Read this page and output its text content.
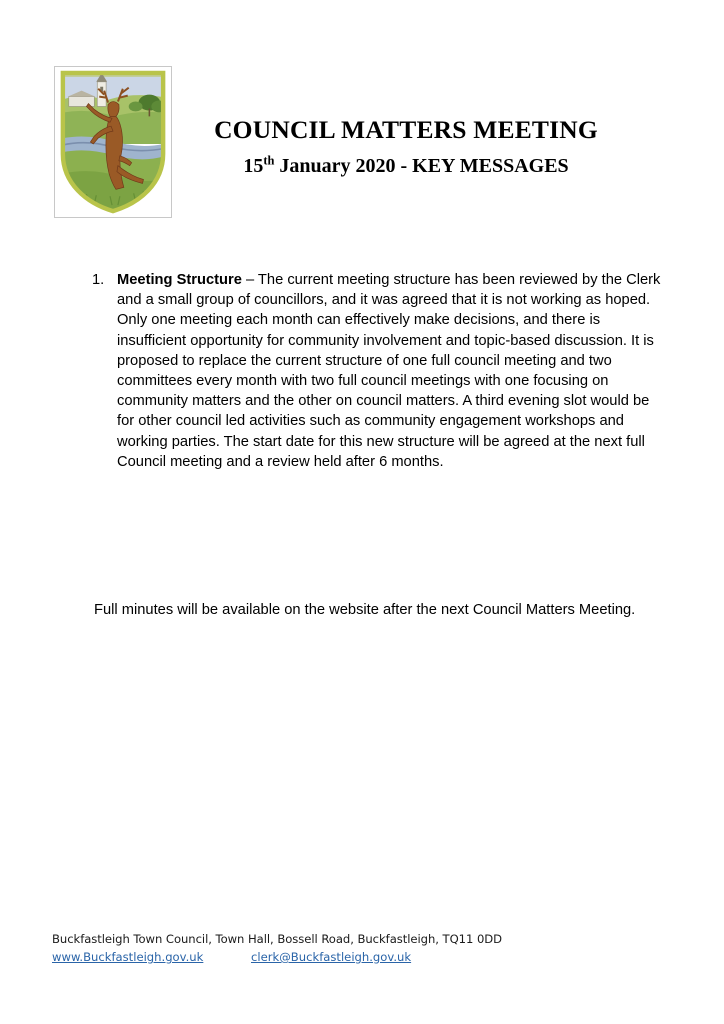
COUNCIL MATTERS MEETING
15th January 2020 - KEY MESSAGES
1. Meeting Structure – The current meeting structure has been reviewed by the Clerk and a small group of councillors, and it was agreed that it is not working as hoped. Only one meeting each month can effectively make decisions, and there is insufficient opportunity for community involvement and topic-based discussion. It is proposed to replace the current structure of one full council meeting and two committees every month with two full council meetings with one focusing on community matters and the other on council matters. A third evening slot would be for other council led activities such as community engagement workshops and working parties. The start date for this new structure will be agreed at the next full Council meeting and a review held after 6 months.
Full minutes will be available on the website after the next Council Matters Meeting.
Buckfastleigh Town Council, Town Hall, Bossell Road, Buckfastleigh, TQ11 0DD
www.Buckfastleigh.gov.uk	clerk@Buckfastleigh.gov.uk
